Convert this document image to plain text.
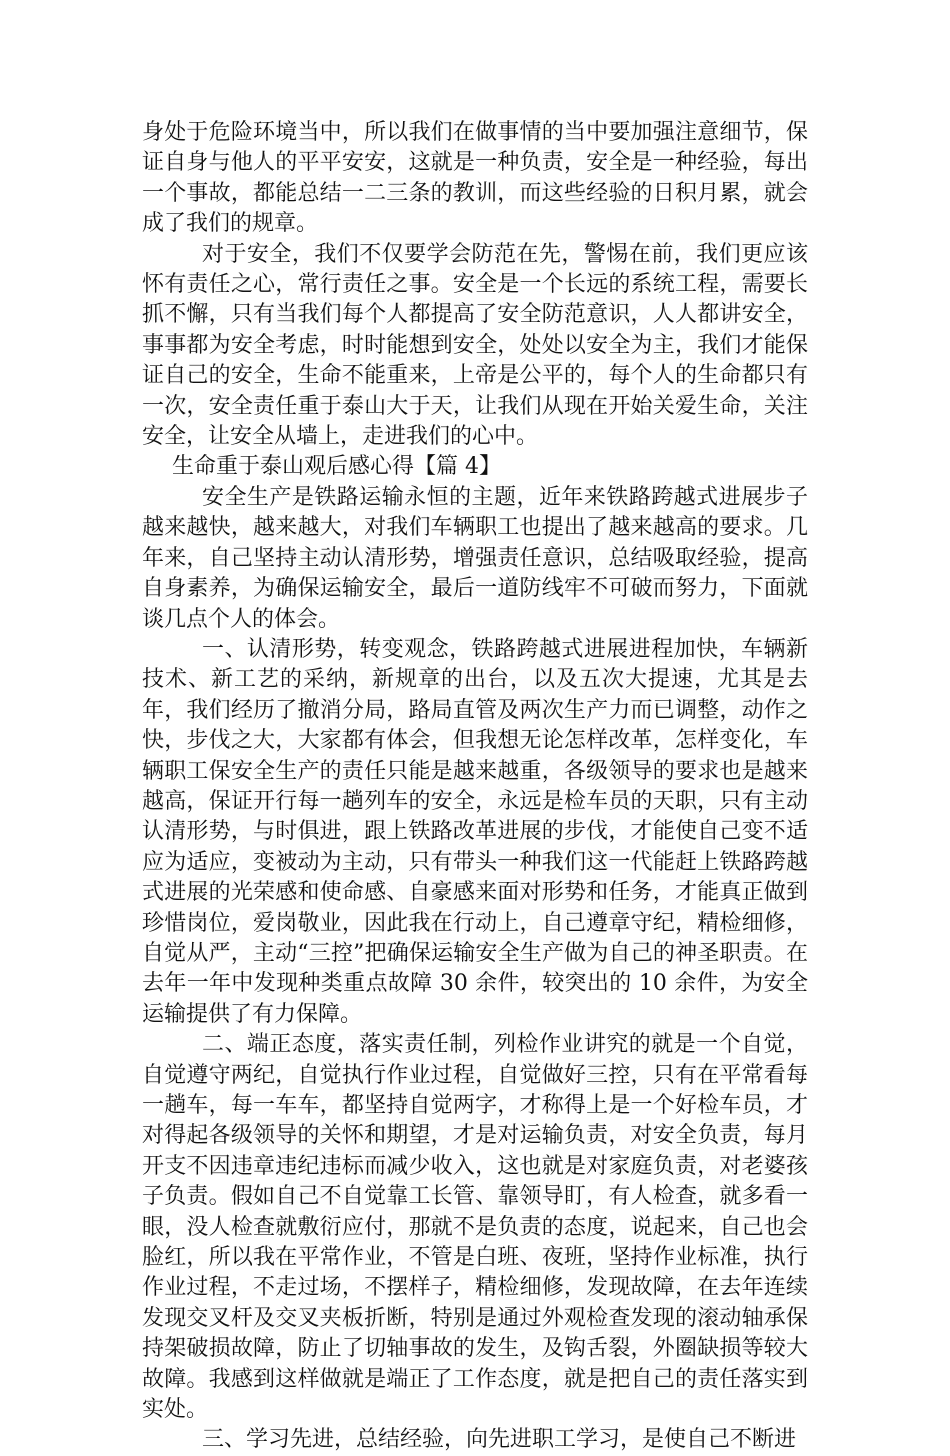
身处于危险环境当中，所以我们在做事情的当中要加强注意细节，保证自身与他人的平平安安，这就是一种负责，安全是一种经验，每出一个事故，都能总结一二三条的教训，而这些经验的日积月累，就会成了我们的规章。

对于安全，我们不仅要学会防范在先，警惕在前，我们更应该怀有责任之心，常行责任之事。安全是一个长远的系统工程，需要长抓不懈，只有当我们每个人都提高了安全防范意识，人人都讲安全，事事都为安全考虑，时时能想到安全，处处以安全为主，我们才能保证自己的安全，生命不能重来，上帝是公平的，每个人的生命都只有一次，安全责任重于泰山大于天，让我们从现在开始关爱生命，关注安全，让安全从墙上，走进我们的心中。

生命重于泰山观后感心得【篇 4】

安全生产是铁路运输永恒的主题，近年来铁路跨越式进展步子越来越快，越来越大，对我们车辆职工也提出了越来越高的要求。几年来，自己坚持主动认清形势，增强责任意识，总结吸取经验，提高自身素养，为确保运输安全，最后一道防线牢不可破而努力，下面就谈几点个人的体会。

一、认清形势，转变观念，铁路跨越式进展进程加快，车辆新技术、新工艺的采纳，新规章的出台，以及五次大提速，尤其是去年，我们经历了撤消分局，路局直管及两次生产力而已调整，动作之快，步伐之大，大家都有体会，但我想无论怎样改革，怎样变化，车辆职工保安全生产的责任只能是越来越重，各级领导的要求也是越来越高，保证开行每一趟列车的安全，永远是检车员的天职，只有主动认清形势，与时俱进，跟上铁路改革进展的步伐，才能使自己变不适应为适应，变被动为主动，只有带头一种我们这一代能赶上铁路跨越式进展的光荣感和使命感、自豪感来面对形势和任务，才能真正做到珍惜岗位，爱岗敬业，因此我在行动上，自己遵章守纪，精检细修，自觉从严，主动“三控”把确保运输安全生产做为自己的神圣职责。在去年一年中发现种类重点故障 30 余件，较突出的 10 余件，为安全运输提供了有力保障。

二、端正态度，落实责任制，列检作业讲究的就是一个自觉，自觉遵守两纪，自觉执行作业过程，自觉做好三控，只有在平常看每一趟车，每一车车，都坚持自觉两字，才称得上是一个好检车员，才对得起各级领导的关怀和期望，才是对运输负责，对安全负责，每月开支不因违章违纪违标而减少收入，这也就是对家庭负责，对老婆孩子负责。假如自己不自觉靠工长管、靠领导盯，有人检查，就多看一眼，没人检查就敷衍应付，那就不是负责的态度，说起来，自己也会脸红，所以我在平常作业，不管是白班、夜班，坚持作业标准，执行作业过程，不走过场，不摆样子，精检细修，发现故障，在去年连续发现交叉杆及交叉夹板折断，特别是通过外观检查发现的滚动轴承保持架破损故障，防止了切轴事故的发生，及钩舌裂，外圈缺损等较大故障。我感到这样做就是端正了工作态度，就是把自己的责任落实到实处。

三、学习先进，总结经验，向先进职工学习，是使自己不断进
